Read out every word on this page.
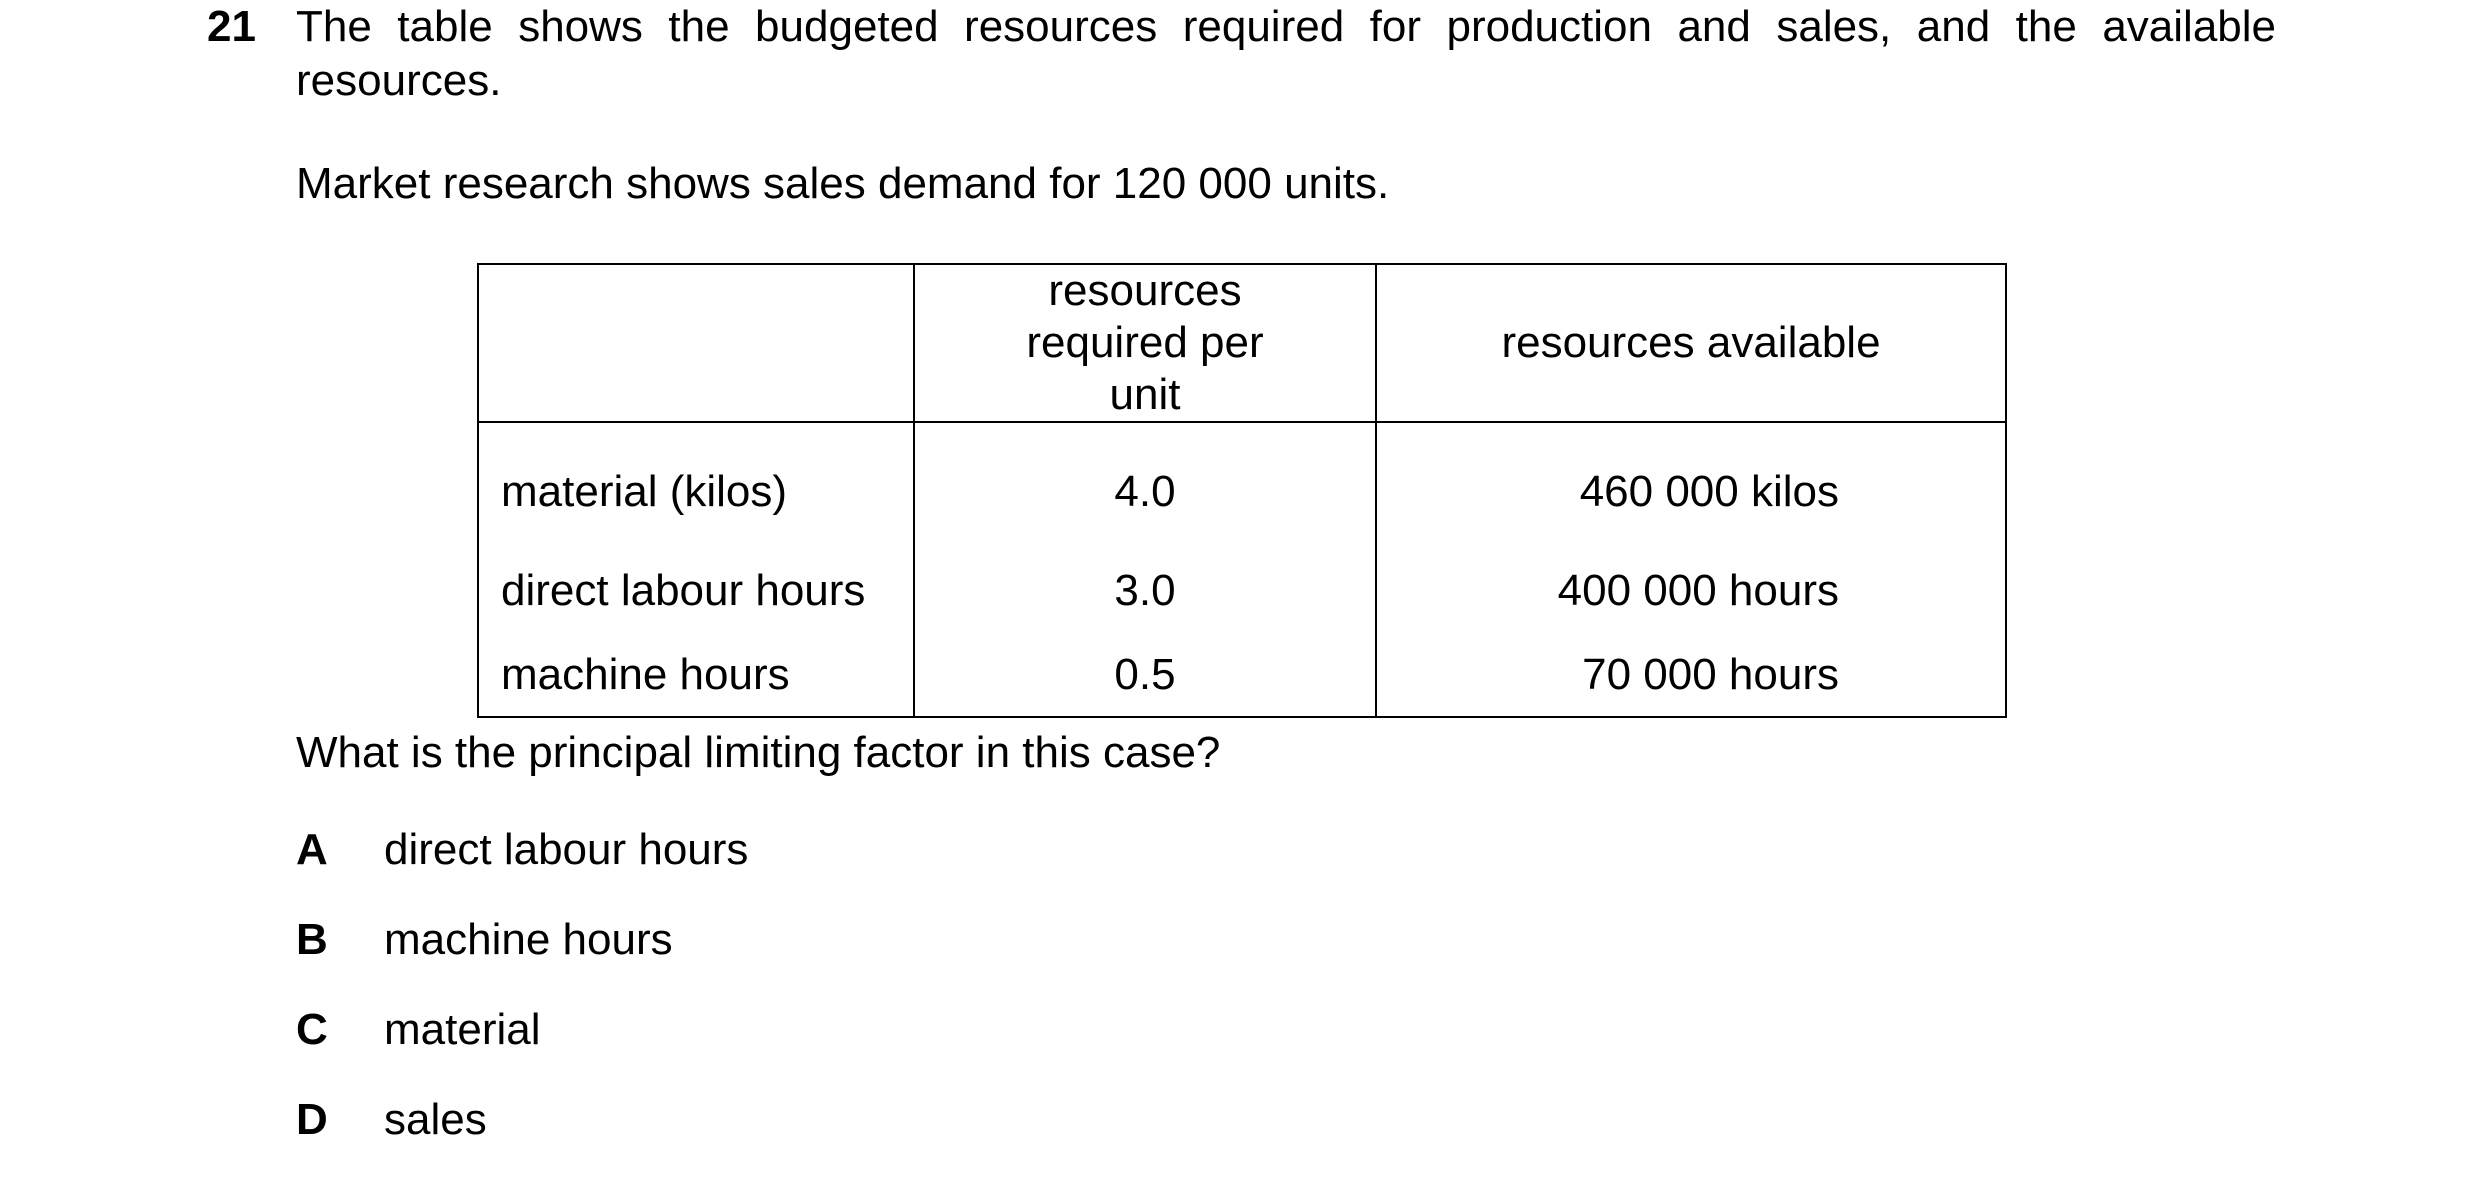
21 The table shows the budgeted resources required for production and sales, and the available resources.
Market research shows sales demand for 120 000 units.

	resources required per unit	resources available
material (kilos)	4.0	460 000 kilos
direct labour hours	3.0	400 000 hours
machine hours	0.5	70 000 hours
What is the principal limiting factor in this case?
A direct labour hours
B machine hours
C material
D sales
